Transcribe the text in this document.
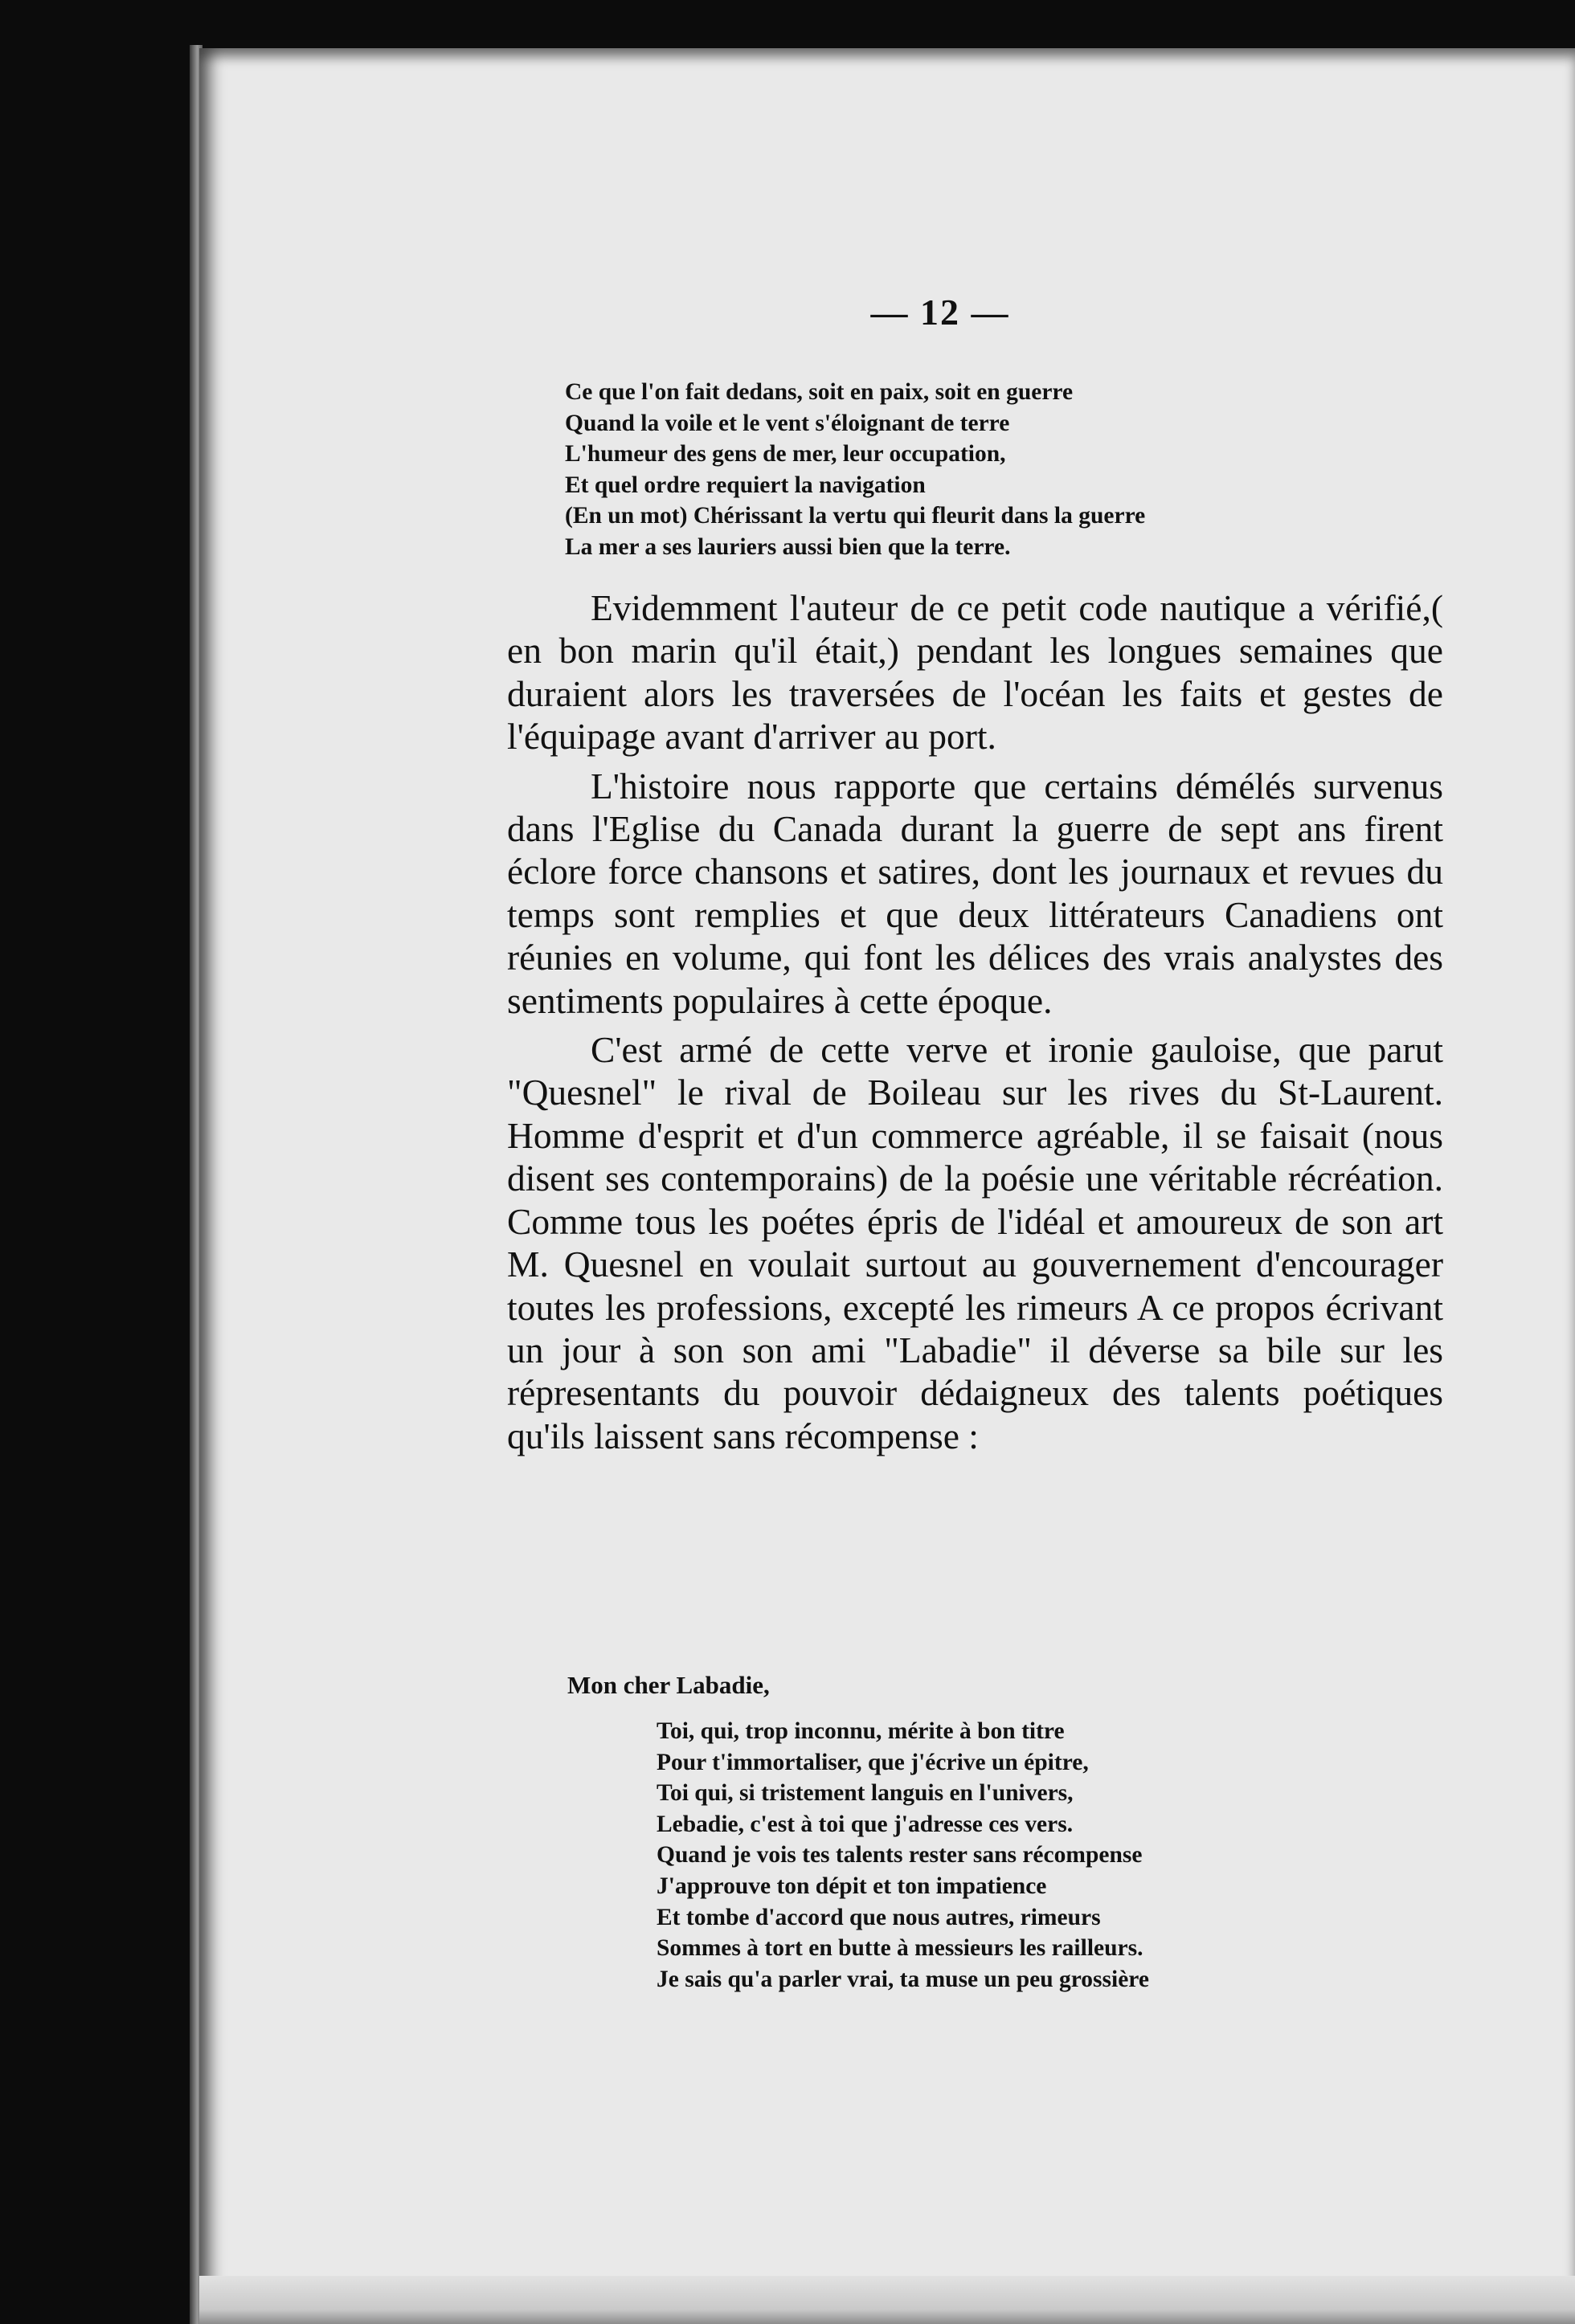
— 12 —
Ce que l'on fait dedans, soit en paix, soit en guerre
Quand la voile et le vent s'éloignant de terre
L'humeur des gens de mer, leur occupation,
Et quel ordre requiert la navigation
(En un mot) Chérissant la vertu qui fleurit dans la guerre
La mer a ses lauriers aussi bien que la terre.

Evidemment l'auteur de ce petit code nautique a vérifié,( en bon marin qu'il était,) pendant les longues semaines que duraient alors les traversées de l'océan les faits et gestes de l'équipage avant d'arriver au port.

L'histoire nous rapporte que certains démélés survenus dans l'Eglise du Canada durant la guerre de sept ans firent éclore force chansons et satires, dont les journaux et revues du temps sont remplies et que deux littérateurs Canadiens ont réunies en volume, qui font les délices des vrais analystes des sentiments populaires à cette époque.

C'est armé de cette verve et ironie gauloise, que parut "Quesnel" le rival de Boileau sur les rives du St-Laurent. Homme d'esprit et d'un commerce agréable, il se faisait (nous disent ses contemporains) de la poésie une véritable récréation. Comme tous les poétes épris de l'idéal et amoureux de son art M. Quesnel en voulait surtout au gouvernement d'encourager toutes les professions, excepté les rimeurs A ce propos écrivant un jour à son son ami "Labadie" il déverse sa bile sur les répresentants du pouvoir dédaigneux des talents poétiques qu'ils laissent sans récompense :

Mon cher Labadie,
Toi, qui, trop inconnu, mérite à bon titre
Pour t'immortaliser, que j'écrive un épitre,
Toi qui, si tristement languis en l'univers,
Lebadie, c'est à toi que j'adresse ces vers.
Quand je vois tes talents rester sans récompense
J'approuve ton dépit et ton impatience
Et tombe d'accord que nous autres, rimeurs
Sommes à tort en butte à messieurs les railleurs.
Je sais qu'a parler vrai, ta muse un peu grossière
